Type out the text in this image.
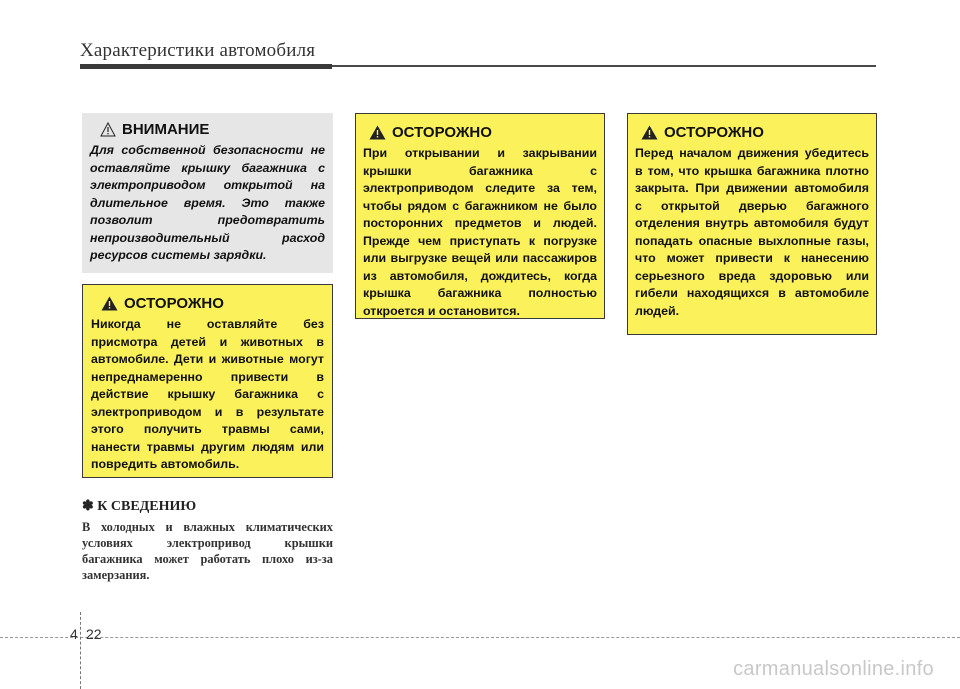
Характеристики автомобиля
ВНИМАНИЕ
Для собственной безопасности не оставляйте крышку багажника с электроприводом открытой на длительное время. Это также позволит предотвратить непроизводительный расход ресурсов системы зарядки.
ОСТОРОЖНО
Никогда не оставляйте без присмотра детей и животных в автомобиле. Дети и животные могут непреднамеренно привести в действие крышку багажника с электроприводом и в результате этого получить травмы сами, нанести травмы другим людям или повредить автомобиль.
ОСТОРОЖНО
При открывании и закрывании крышки багажника с электроприводом следите за тем, чтобы рядом с багажником не было посторонних предметов и людей. Прежде чем приступать к погрузке или выгрузке вещей или пассажиров из автомобиля, дождитесь, когда крышка багажника полностью откроется и остановится.
ОСТОРОЖНО
Перед началом движения убедитесь в том, что крышка багажника плотно закрыта. При движении автомобиля с открытой дверью багажного отделения внутрь автомобиля будут попадать опасные выхлопные газы, что может привести к нанесению серьезного вреда здоровью или гибели находящихся в автомобиле людей.
✽ К СВЕДЕНИЮ
В холодных и влажных климатических условиях электропривод крышки багажника может работать плохо из-за замерзания.
4 22
carmanualsonline.info
